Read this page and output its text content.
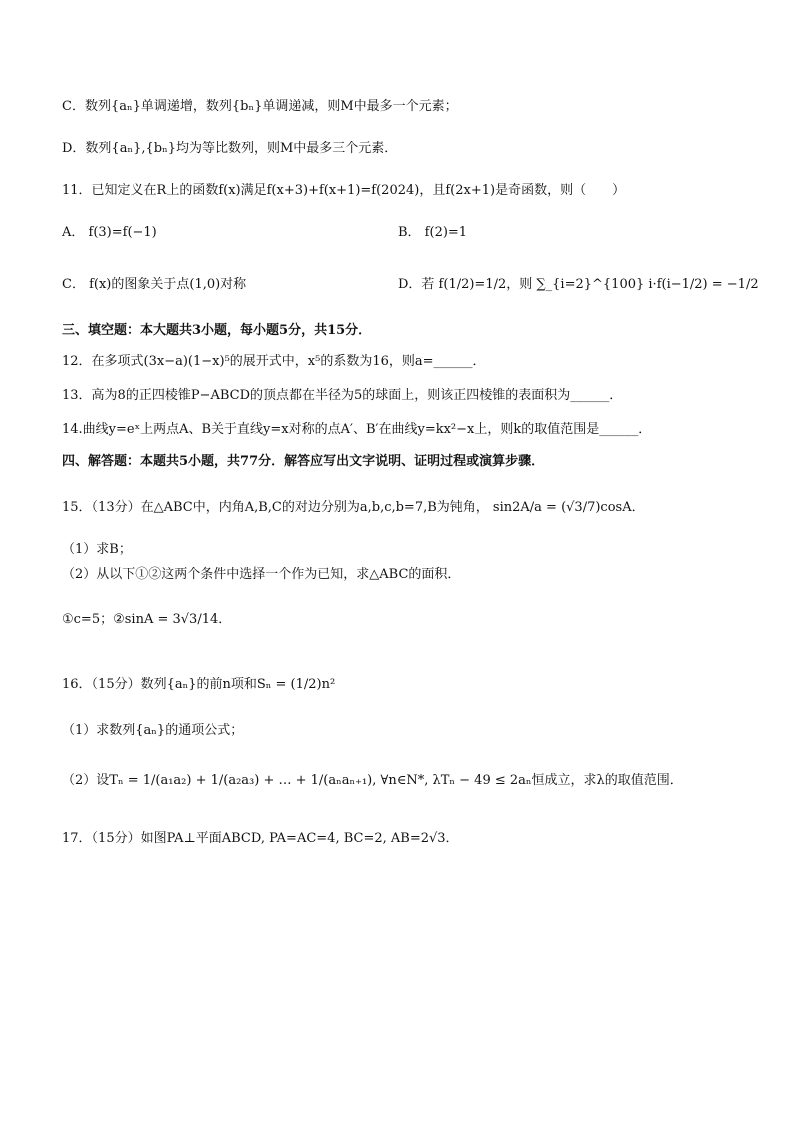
C．数列{aₙ}单调递增，数列{bₙ}单调递减，则M中最多一个元素；
D．数列{aₙ},{bₙ}均为等比数列，则M中最多三个元素．
11．已知定义在R上的函数f(x)满足f(x+3)+f(x+1)=f(2024)，且f(2x+1)是奇函数，则（　　）
A． f(3)=f(−1)	B． f(2)=1
C． f(x)的图象关于点(1,0)对称	D．若 f(1/2)=1/2，则 ∑_{i=2}^{100} i·f(i−1/2) = −1/2
三、填空题：本大题共3小题，每小题5分，共15分．
12．在多项式(3x−a)(1−x)⁵的展开式中，x⁵的系数为16，则a=______．
13．高为8的正四棱锥P−ABCD的顶点都在半径为5的球面上，则该正四棱锥的表面积为______．
14.曲线y=eˣ上两点A、B关于直线y=x对称的点A′、B′在曲线y=kx²−x上，则k的取值范围是______．
四、解答题：本题共5小题，共77分．解答应写出文字说明、证明过程或演算步骤．
15．（13分）在△ABC中，内角A,B,C的对边分别为a,b,c,b=7,B为钝角， sin2A/a = (√3/7)cosA．
（1）求B；
（2）从以下①②这两个条件中选择一个作为已知，求△ABC的面积．
①c=5；②sinA = 3√3/14．
16．（15分）数列{aₙ}的前n项和Sₙ = (1/2)n²
（1）求数列{aₙ}的通项公式；
（2）设Tₙ = 1/(a₁a₂) + 1/(a₂a₃) + … + 1/(aₙaₙ₊₁), ∀n∈N*, λTₙ − 49 ≤ 2aₙ恒成立，求λ的取值范围．
17．（15分）如图PA⊥平面ABCD, PA=AC=4, BC=2, AB=2√3．
